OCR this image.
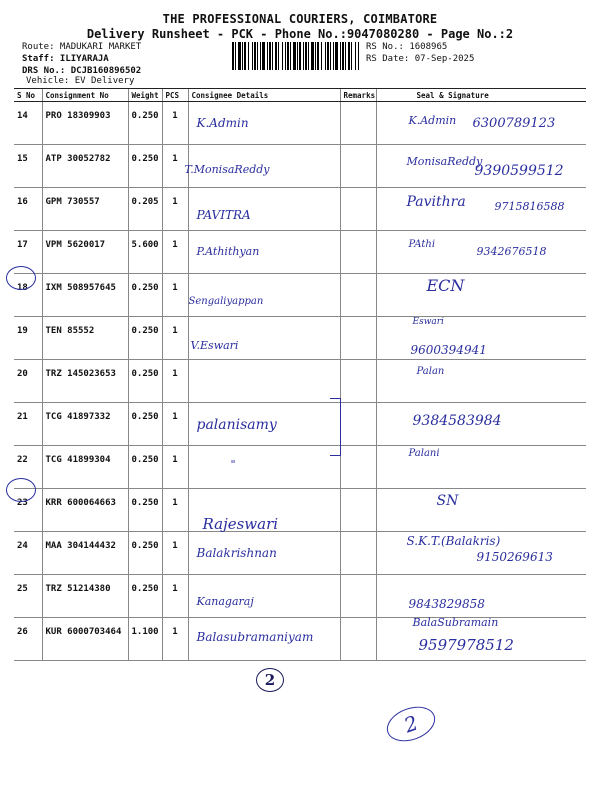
THE PROFESSIONAL COURIERS, COIMBATORE
Delivery Runsheet - PCK - Phone No.:9047080280 - Page No.:2
Route: MADUKARI MARKET
Staff: ILIYARAJA
DRS No.: DCJB160896502
Vehicle: EV Delivery
RS No.: 1608965
RS Date: 07-Sep-2025
S No	Consignment No	Weight	PCS	Consignee Details	Remarks	Seal & Signature
14	PRO 18309903	0.250	1	K.Admin		K.Admin 6300789123

15	ATP 30052782	0.250	1	T.MonisaReddy		MonisaReddy
9390599512

16	GPM 730557	0.205	1	PAVITRA		Pavithra 9715816588

17	VPM 5620017	5.600	1	P.Athithyan		PAthi
9342676518

18	IXM 508957645	0.250	1	Sengaliyappan		ECN

19	TEN 85552	0.250	1	V.Eswari		Eswari
9600394941

20	TRZ 145023653	0.250	1			Palan

21	TCG 41897332	0.250	1	palanisamy		9384583984

22	TCG 41899304	0.250	1	"		Palani

23	KRR 600064663	0.250	1	Rajeswari		SN

24	MAA 304144432	0.250	1	Balakrishnan		S.K.T.(Balakris)
9150269613

25	TRZ 51214380	0.250	1	Kanagaraj		9843829858

26	KUR 6000703464	1.100	1	Balasubramaniyam		BalaSubramain
9597978512
2
2
